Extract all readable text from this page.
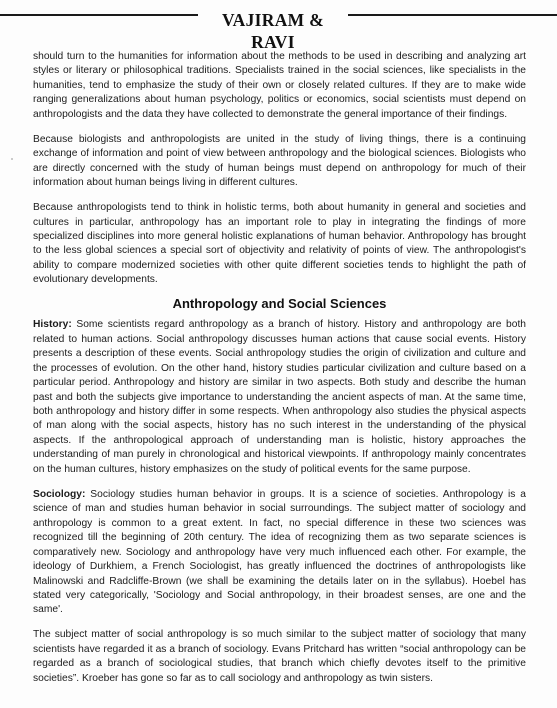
VAJIRAM & RAVI

should turn to the humanities for information about the methods to be used in describing and analyzing art styles or literary or philosophical traditions. Specialists trained in the social sciences, like specialists in the humanities, tend to emphasize the study of their own or closely related cultures. If they are to make wide ranging generalizations about human psychology, politics or economics, social scientists must depend on anthropologists and the data they have collected to demonstrate the general importance of their findings.

Because biologists and anthropologists are united in the study of living things, there is a continuing exchange of information and point of view between anthropology and the biological sciences. Biologists who are directly concerned with the study of human beings must depend on anthropology for much of their information about human beings living in different cultures.

Because anthropologists tend to think in holistic terms, both about humanity in general and societies and cultures in particular, anthropology has an important role to play in integrating the findings of more specialized disciplines into more general holistic explanations of human behavior. Anthropology has brought to the less global sciences a special sort of objectivity and relativity of points of view. The anthropologist's ability to compare modernized societies with other quite different societies tends to highlight the path of evolutionary developments.

Anthropology and Social Sciences

History: Some scientists regard anthropology as a branch of history. History and anthropology are both related to human actions. Social anthropology discusses human actions that cause social events. History presents a description of these events. Social anthropology studies the origin of civilization and culture and the processes of evolution. On the other hand, history studies particular civilization and culture based on a particular period. Anthropology and history are similar in two aspects. Both study and describe the human past and both the subjects give importance to understanding the ancient aspects of man. At the same time, both anthropology and history differ in some respects. When anthropology also studies the physical aspects of man along with the social aspects, history has no such interest in the understanding of the physical aspects. If the anthropological approach of understanding man is holistic, history approaches the understanding of man purely in chronological and historical viewpoints. If anthropology mainly concentrates on the human cultures, history emphasizes on the study of political events for the same purpose.

Sociology: Sociology studies human behavior in groups. It is a science of societies. Anthropology is a science of man and studies human behavior in social surroundings. The subject matter of sociology and anthropology is common to a great extent. In fact, no special difference in these two sciences was recognized till the beginning of 20th century. The idea of recognizing them as two separate sciences is comparatively new. Sociology and anthropology have very much influenced each other. For example, the ideology of Durkhiem, a French Sociologist, has greatly influenced the doctrines of anthropologists like Malinowski and Radcliffe-Brown (we shall be examining the details later on in the syllabus). Hoebel has stated very categorically, 'Sociology and Social anthropology, in their broadest senses, are one and the same'.

The subject matter of social anthropology is so much similar to the subject matter of sociology that many scientists have regarded it as a branch of sociology. Evans Pritchard has written “social anthropology can be regarded as a branch of sociological studies, that branch which chiefly devotes itself to the primitive societies”. Kroeber has gone so far as to call sociology and anthropology as twin sisters.
